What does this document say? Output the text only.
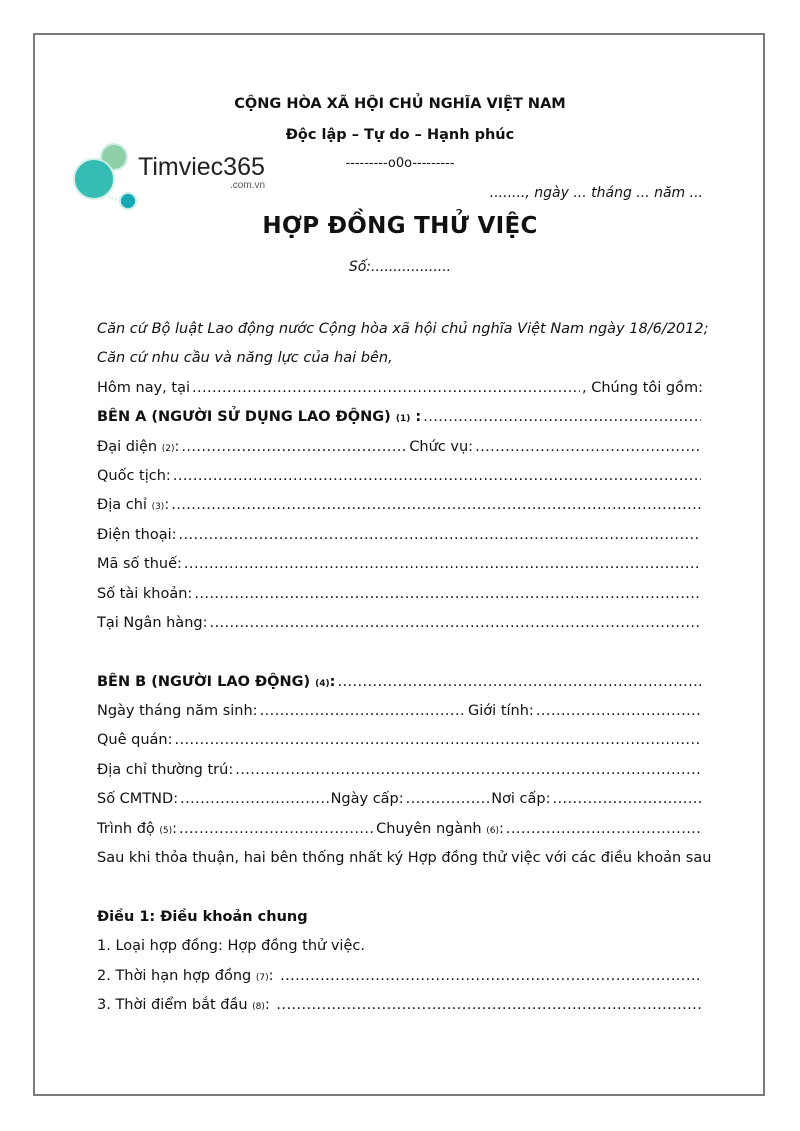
Timviec365
.com.vn
CỘNG HÒA XÃ HỘI CHỦ NGHĨA VIỆT NAM
Độc lập – Tự do – Hạnh phúc
---------o0o---------
........, ngày ... tháng ... năm ...
HỢP ĐỒNG THỬ VIỆC
Số:..................
Căn cứ Bộ luật Lao động nước Cộng hòa xã hội chủ nghĩa Việt Nam ngày 18/6/2012;
Căn cứ nhu cầu và năng lực của hai bên,
Hôm nay, tại .....	, Chúng tôi gồm:
BÊN A (NGƯỜI SỬ DỤNG LAO ĐỘNG)
(1) :
.....
Đại diện
(2) : .....	Chức vụ:
.....
Quốc tịch:
.....
Địa chỉ
(3) :
.....
Điện thoại:
.....
Mã số thuế:
.....
Số tài khoản:
.....
Tại Ngân hàng:
.....
BÊN B (NGƯỜI LAO ĐỘNG)
(4) :
.....
Ngày tháng năm sinh: .....	Giới tính:
.....
Quê quán:
.....
Địa chỉ thường trú:
.....
Số CMTND: .....	Ngày cấp: .....	Nơi cấp:
.....
Trình độ
(5) : .....	Chuyên ngành
(6) :
.....
Sau khi thỏa thuận, hai bên thống nhất ký Hợp đồng thử việc với các điều khoản sau
Điều 1: Điều khoản chung
1. Loại hợp đồng: Hợp đồng thử việc.
2. Thời hạn hợp đồng
(7) :
.....
3. Thời điểm bắt đầu
(8) :
.....
